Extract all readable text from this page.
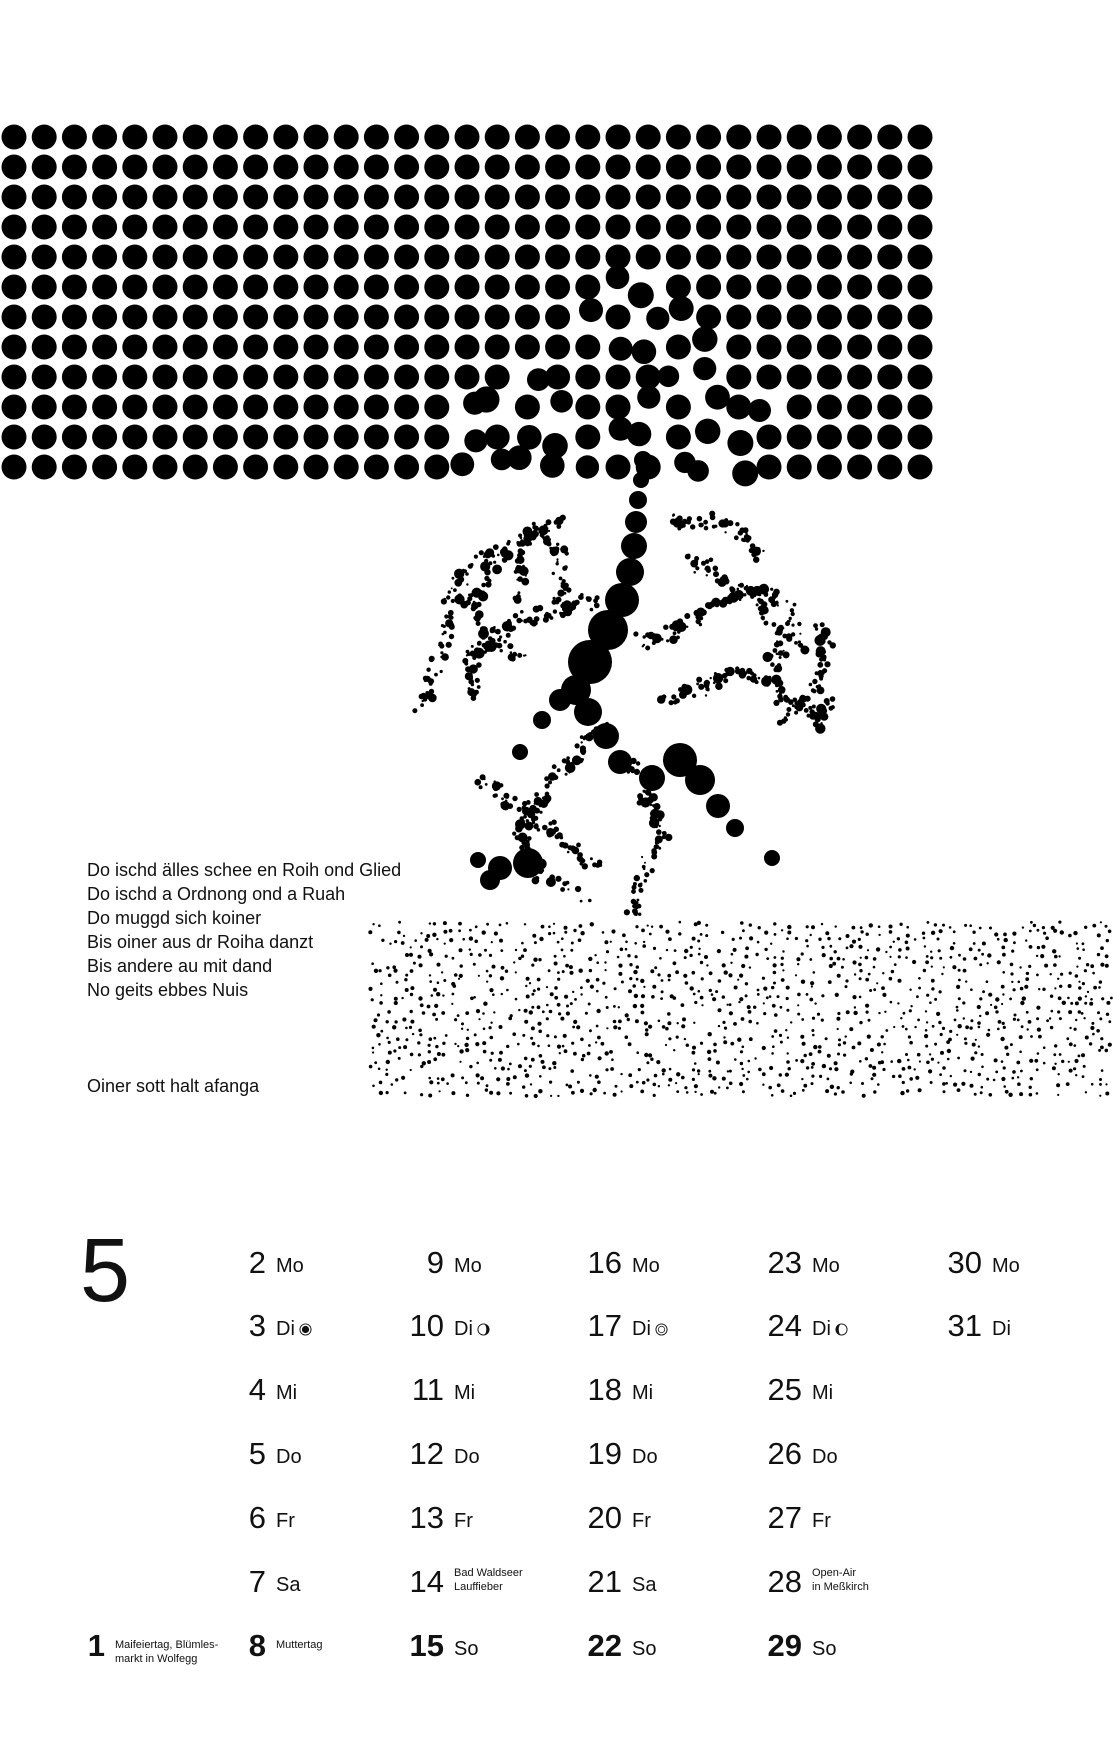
Do ischd älles schee en Roih ond Glied
Do ischd a Ordnong ond a Ruah
Do muggd sich koiner
Bis oiner aus dr Roiha danzt
Bis andere au mit dand
No geits ebbes Nuis
Oiner sott halt afanga
5
1 Maifeiertag, Blümles-
markt in Wolfegg
2 Mo
3 Di
4 Mi
5 Do
6 Fr
7 Sa
8 Muttertag
9 Mo
10 Di
11 Mi
12 Do
13 Fr
14 Bad Waldseer
Lauffieber
15 So
16 Mo
17 Di
18 Mi
19 Do
20 Fr
21 Sa
22 So
23 Mo
24 Di
25 Mi
26 Do
27 Fr
28 Open-Air
in Meßkirch
29 So
30 Mo
31 Di
